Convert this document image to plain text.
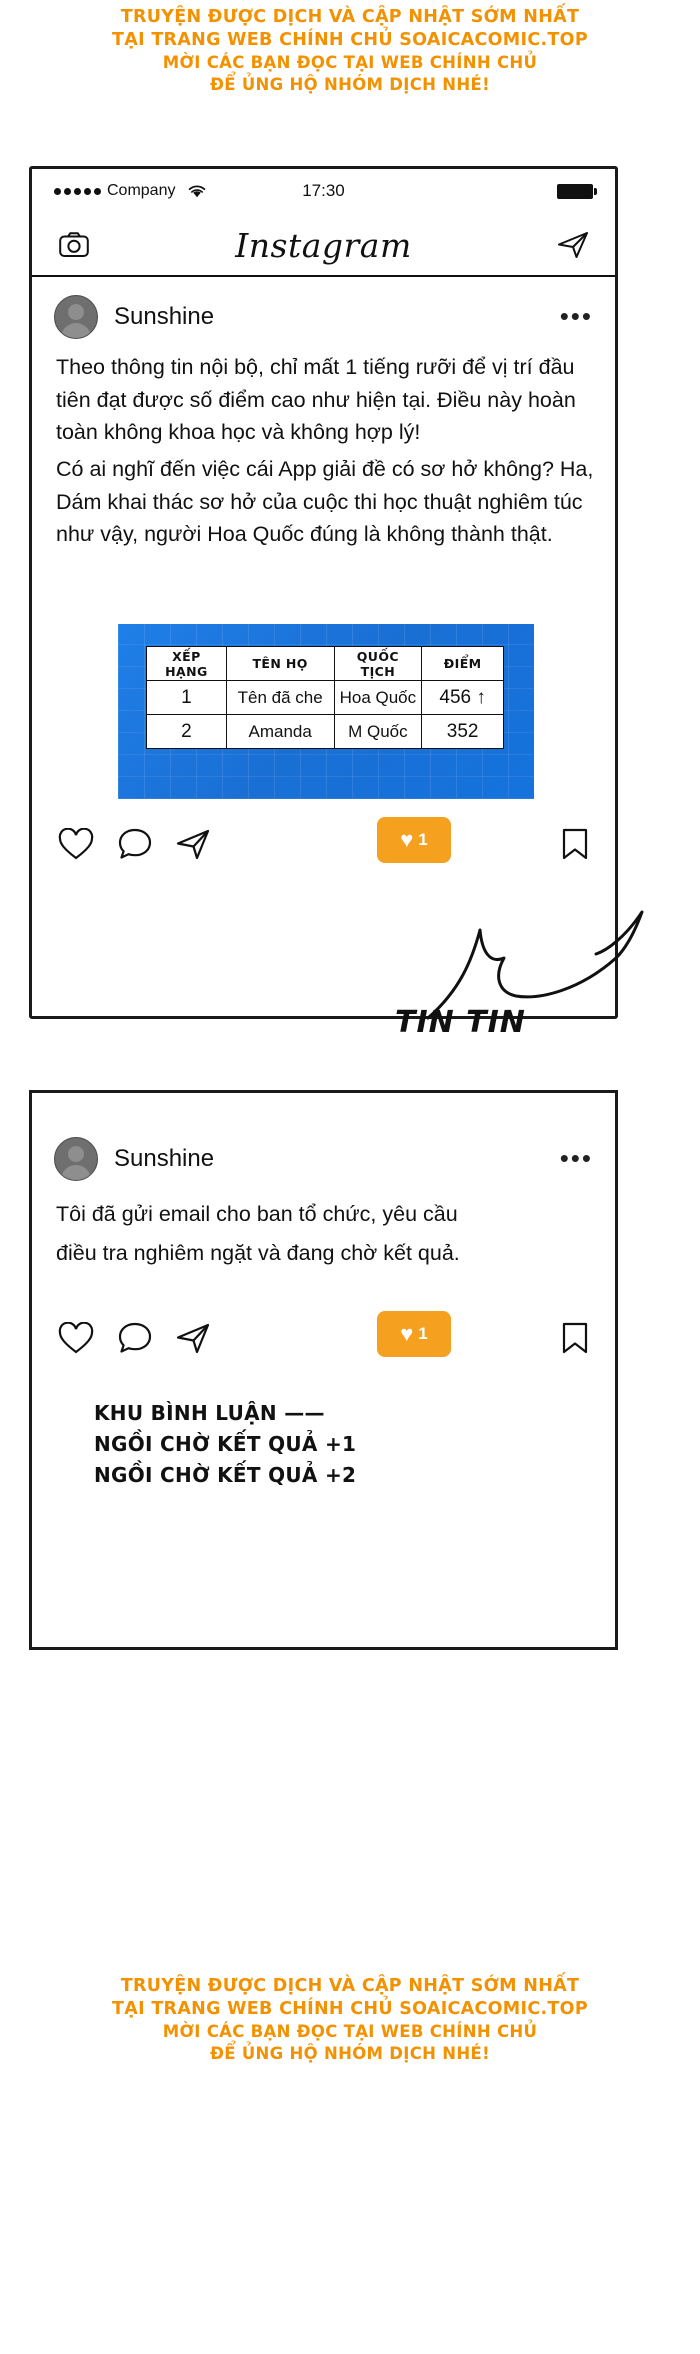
TRUYỆN ĐƯỢC DỊCH VÀ CẬP NHẬT SỚM NHẤT
TẠI TRANG WEB CHÍNH CHỦ SOAICACOMIC.TOP
MỜI CÁC BẠN ĐỌC TẠI WEB CHÍNH CHỦ
ĐỂ ỦNG HỘ NHÓM DỊCH NHÉ!
Company	17:30
Instagram
Sunshine	•••

Theo thông tin nội bộ, chỉ mất 1 tiếng rưỡi để vị trí đầu tiên đạt được số điểm cao như hiện tại. Điều này hoàn toàn không khoa học và không hợp lý!

Có ai nghĩ đến việc cái App giải đề có sơ hở không? Ha, Dám khai thác sơ hở của cuộc thi học thuật nghiêm túc như vậy, người Hoa Quốc đúng là không thành thật.

XẾP HẠNG	TÊN HỌ	QUỐC TỊCH	ĐIỂM
1	Tên đã che	Hoa Quốc	456 ↑
2	Amanda	M Quốc	352
♥ 1
TIN TIN
Sunshine	•••

Tôi đã gửi email cho ban tổ chức, yêu cầu

điều tra nghiêm ngặt và đang chờ kết quả.

♥ 1
KHU BÌNH LUẬN ——
NGỒI CHỜ KẾT QUẢ +1
NGỒI CHỜ KẾT QUẢ +2
TRUYỆN ĐƯỢC DỊCH VÀ CẬP NHẬT SỚM NHẤT
TẠI TRANG WEB CHÍNH CHỦ SOAICACOMIC.TOP
MỜI CÁC BẠN ĐỌC TẠI WEB CHÍNH CHỦ
ĐỂ ỦNG HỘ NHÓM DỊCH NHÉ!
